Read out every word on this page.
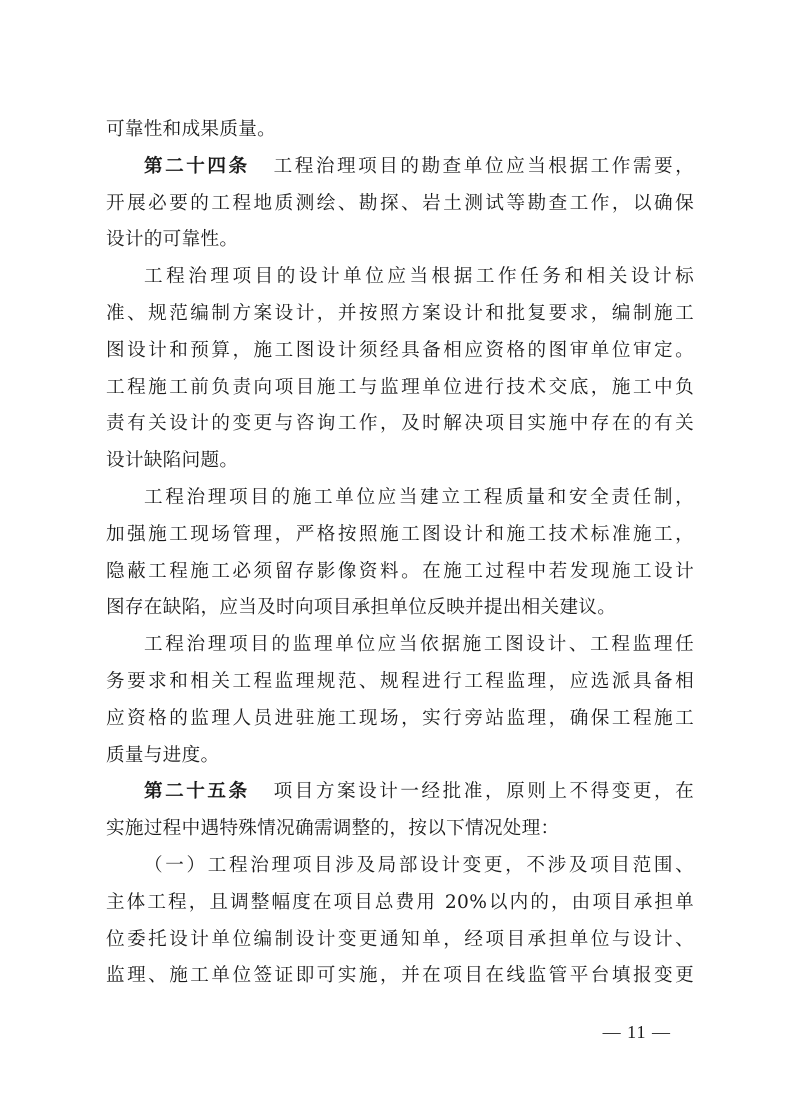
可靠性和成果质量。
第二十四条 工程治理项目的勘查单位应当根据工作需要，
开展必要的工程地质测绘、勘探、岩土测试等勘查工作，以确保
设计的可靠性。
工程治理项目的设计单位应当根据工作任务和相关设计标
准、规范编制方案设计，并按照方案设计和批复要求，编制施工
图设计和预算，施工图设计须经具备相应资格的图审单位审定。
工程施工前负责向项目施工与监理单位进行技术交底，施工中负
责有关设计的变更与咨询工作，及时解决项目实施中存在的有关
设计缺陷问题。
工程治理项目的施工单位应当建立工程质量和安全责任制，
加强施工现场管理，严格按照施工图设计和施工技术标准施工，
隐蔽工程施工必须留存影像资料。在施工过程中若发现施工设计
图存在缺陷，应当及时向项目承担单位反映并提出相关建议。
工程治理项目的监理单位应当依据施工图设计、工程监理任
务要求和相关工程监理规范、规程进行工程监理，应选派具备相
应资格的监理人员进驻施工现场，实行旁站监理，确保工程施工
质量与进度。
第二十五条 项目方案设计一经批准，原则上不得变更，在
实施过程中遇特殊情况确需调整的，按以下情况处理：
（一）工程治理项目涉及局部设计变更，不涉及项目范围、
主体工程，且调整幅度在项目总费用 20%以内的，由项目承担单
位委托设计单位编制设计变更通知单，经项目承担单位与设计、
监理、施工单位签证即可实施，并在项目在线监管平台填报变更
— 11 —
